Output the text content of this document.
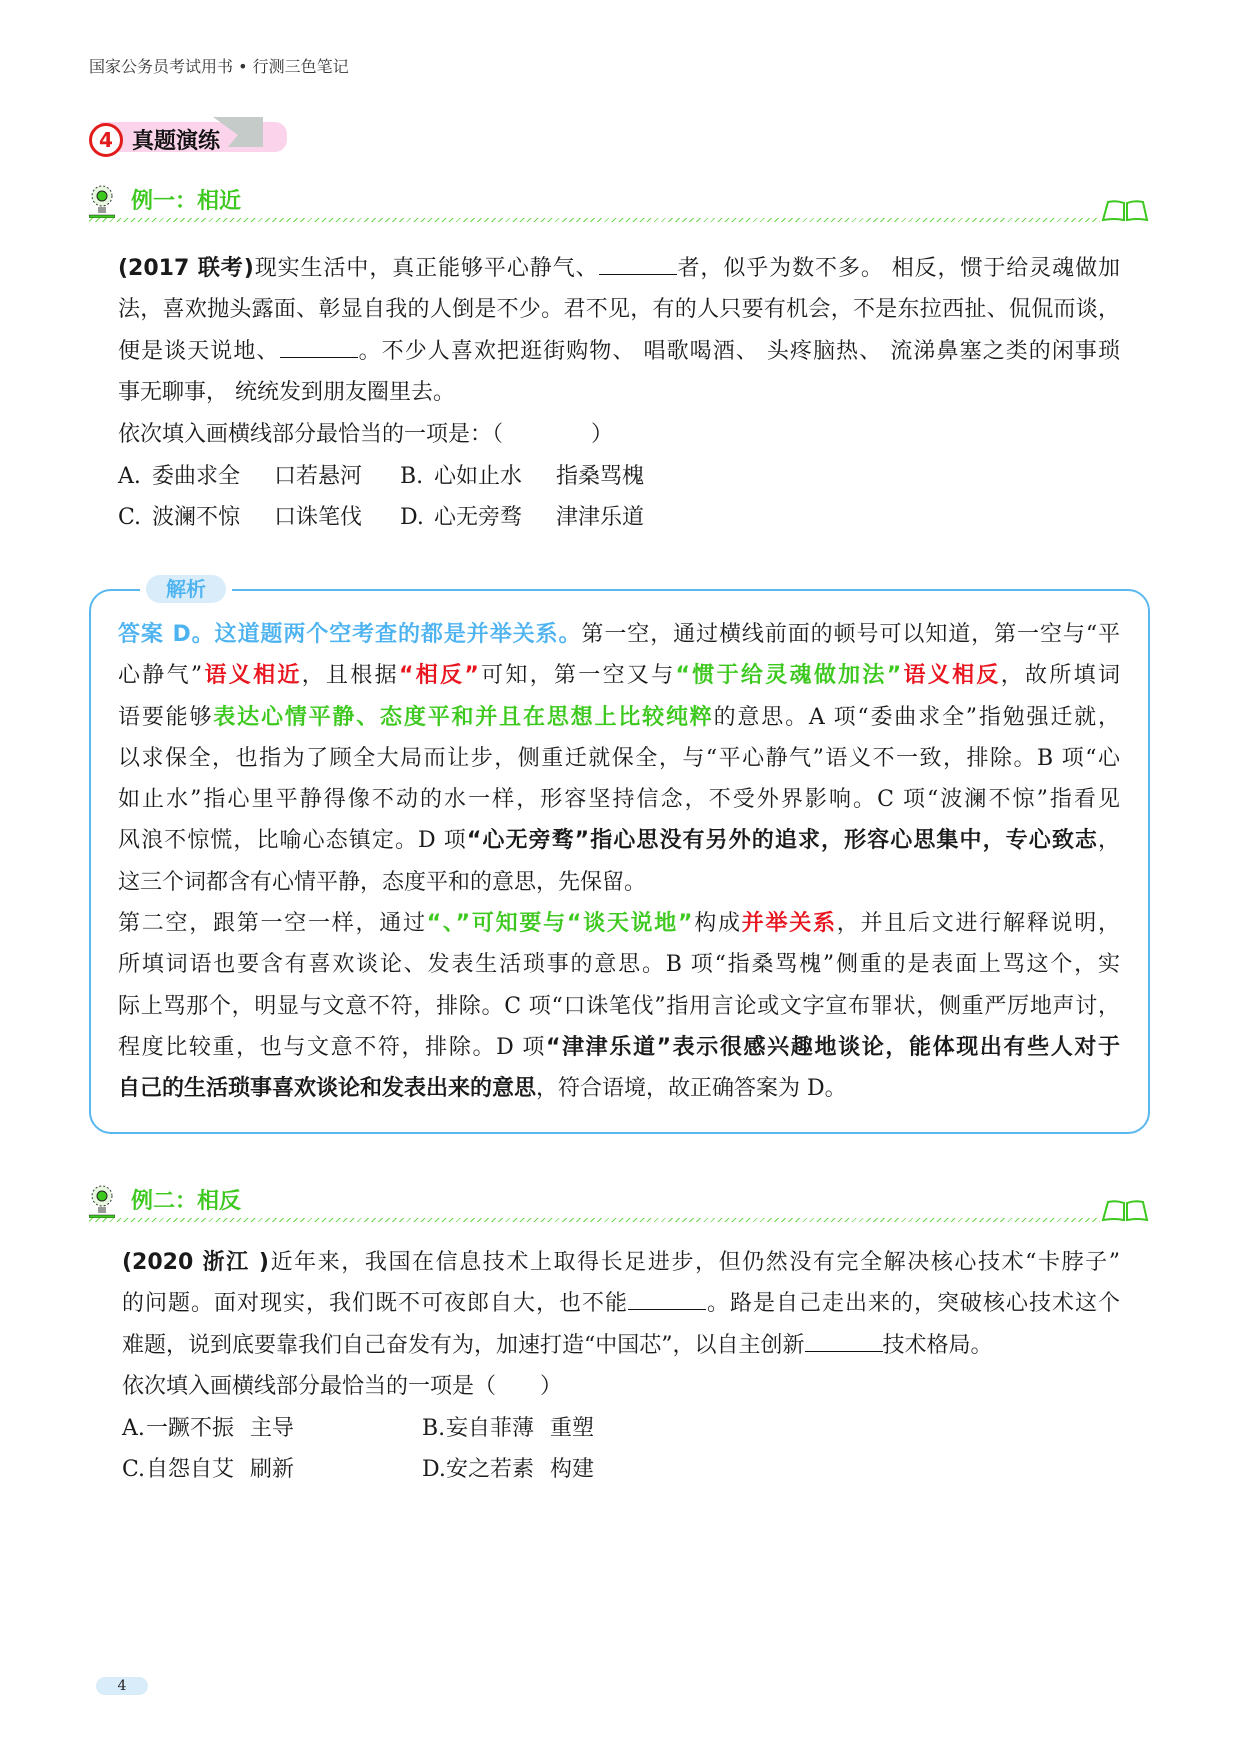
国家公务员考试用书 • 行测三色笔记
4 真题演练
例一：相近
(2017 联考)现实生活中，真正能够平心静气、	者，似乎为数不多。 相反，惯于给灵魂做加
法，喜欢抛头露面、彰显自我的人倒是不少。君不见，有的人只要有机会，不是东拉西扯、侃侃而谈，
便是谈天说地、	。不少人喜欢把逛街购物、 唱歌喝酒、 头疼脑热、 流涕鼻塞之类的闲事琐
事无聊事， 统统发到朋友圈里去。
依次填入画横线部分最恰当的一项是：（　　　　）
A. 委曲求全 口若悬河 B. 心如止水 指桑骂槐
C. 波澜不惊 口诛笔伐 D. 心无旁骛 津津乐道
解析
答案 D。这道题两个空考查的都是并举关系。第一空，通过横线前面的顿号可以知道，第一空与“平
心静气”语义相近，且根据“相反”可知，第一空又与“惯于给灵魂做加法”语义相反，故所填词
语要能够表达心情平静、态度平和并且在思想上比较纯粹的意思。A 项“委曲求全”指勉强迁就，
以求保全，也指为了顾全大局而让步，侧重迁就保全，与“平心静气”语义不一致，排除。B 项“心
如止水”指心里平静得像不动的水一样，形容坚持信念，不受外界影响。C 项“波澜不惊”指看见
风浪不惊慌，比喻心态镇定。D 项“心无旁骛”指心思没有另外的追求，形容心思集中，专心致志，
这三个词都含有心情平静，态度平和的意思，先保留。
第二空，跟第一空一样，通过“、”可知要与“谈天说地”构成并举关系，并且后文进行解释说明，
所填词语也要含有喜欢谈论、发表生活琐事的意思。B 项“指桑骂槐”侧重的是表面上骂这个，实
际上骂那个，明显与文意不符，排除。C 项“口诛笔伐”指用言论或文字宣布罪状，侧重严厉地声讨，
程度比较重，也与文意不符，排除。D 项“津津乐道”表示很感兴趣地谈论，能体现出有些人对于
自己的生活琐事喜欢谈论和发表出来的意思，符合语境，故正确答案为 D。
例二：相反
(2020 浙江 )近年来，我国在信息技术上取得长足进步，但仍然没有完全解决核心技术“卡脖子”
的问题。面对现实，我们既不可夜郎自大，也不能	。路是自己走出来的，突破核心技术这个
难题，说到底要靠我们自己奋发有为，加速打造“中国芯”，以自主创新	技术格局。
依次填入画横线部分最恰当的一项是（　　）
A. 一蹶不振 主导	B. 妄自菲薄 重塑
C. 自怨自艾 刷新	D. 安之若素 构建
4
